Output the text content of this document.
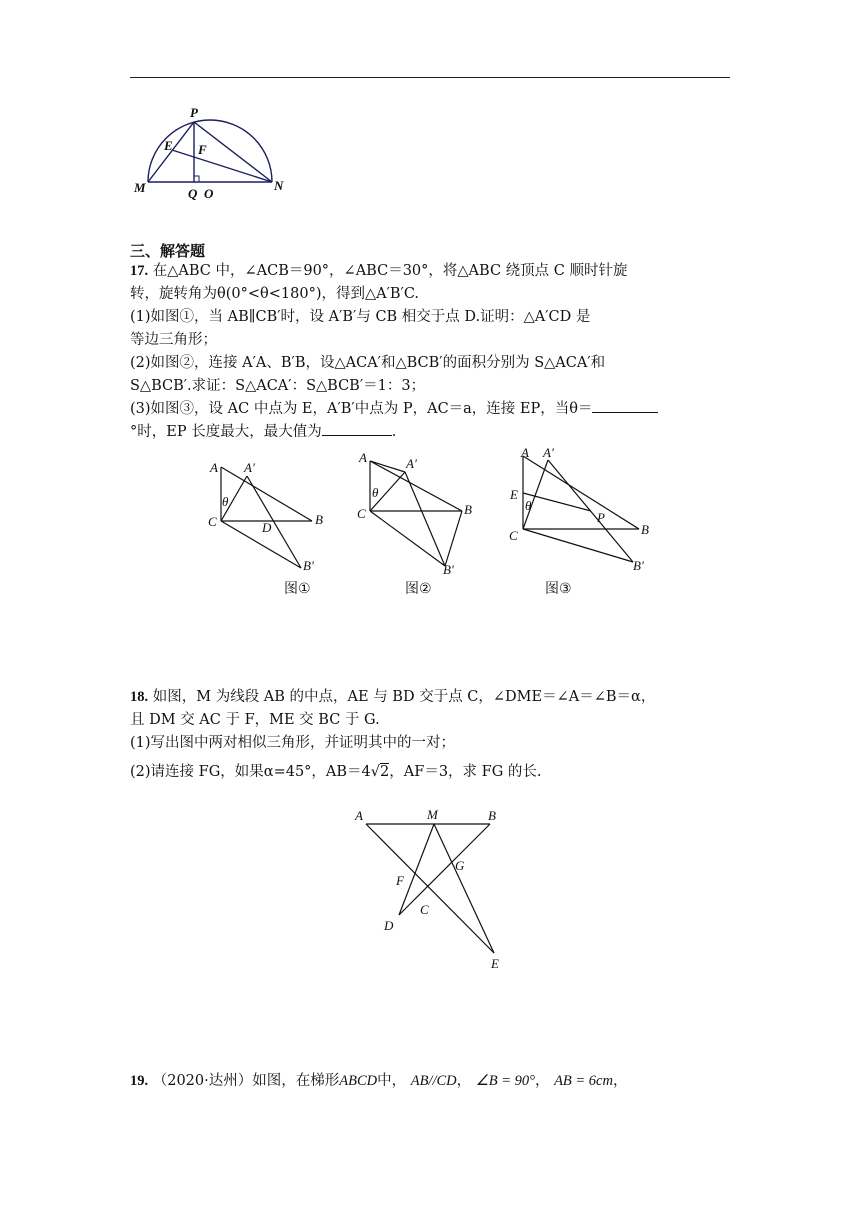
P
E F
M	Q O
N
三、解答题
17. 在△ABC 中，∠ACB＝90°，∠ABC＝30°，将△ABC 绕顶点 C 顺时针旋
转，旋转角为θ(0°<θ<180°)，得到△A′B′C.
(1)如图①，当 AB∥CB′时，设 A′B′与 CB 相交于点 D.证明：△A′CD 是
等边三角形；
(2)如图②，连接 A′A、B′B，设△ACA′和△BCB′的面积分别为 S△ACA′和
S△BCB′.求证：S△ACA′：S△BCB′＝1：3；
(3)如图③，设 AC 中点为 E，A′B′中点为 P，AC＝a，连接 EP，当θ＝
°时，EP 长度最大，最大值为	.
A A'
θ
C	D
B
B'
A	A'
θ
C	B
B'
A A'
E
θ
C
P
B
B'
图①	图②	图③
18. 如图，M 为线段 AB 的中点，AE 与 BD 交于点 C，∠DME＝∠A＝∠B＝α，
且 DM 交 AC 于 F，ME 交 BC 于 G.
(1)写出图中两对相似三角形，并证明其中的一对；
(2)请连接 FG，如果α=45°，AB＝4√2，AF＝3，求 FG 的长.
A	M	B
F
G
C
D
E
19. （2020·达州）如图，在梯形ABCD中， AB//CD， ∠B = 90°， AB = 6cm，
